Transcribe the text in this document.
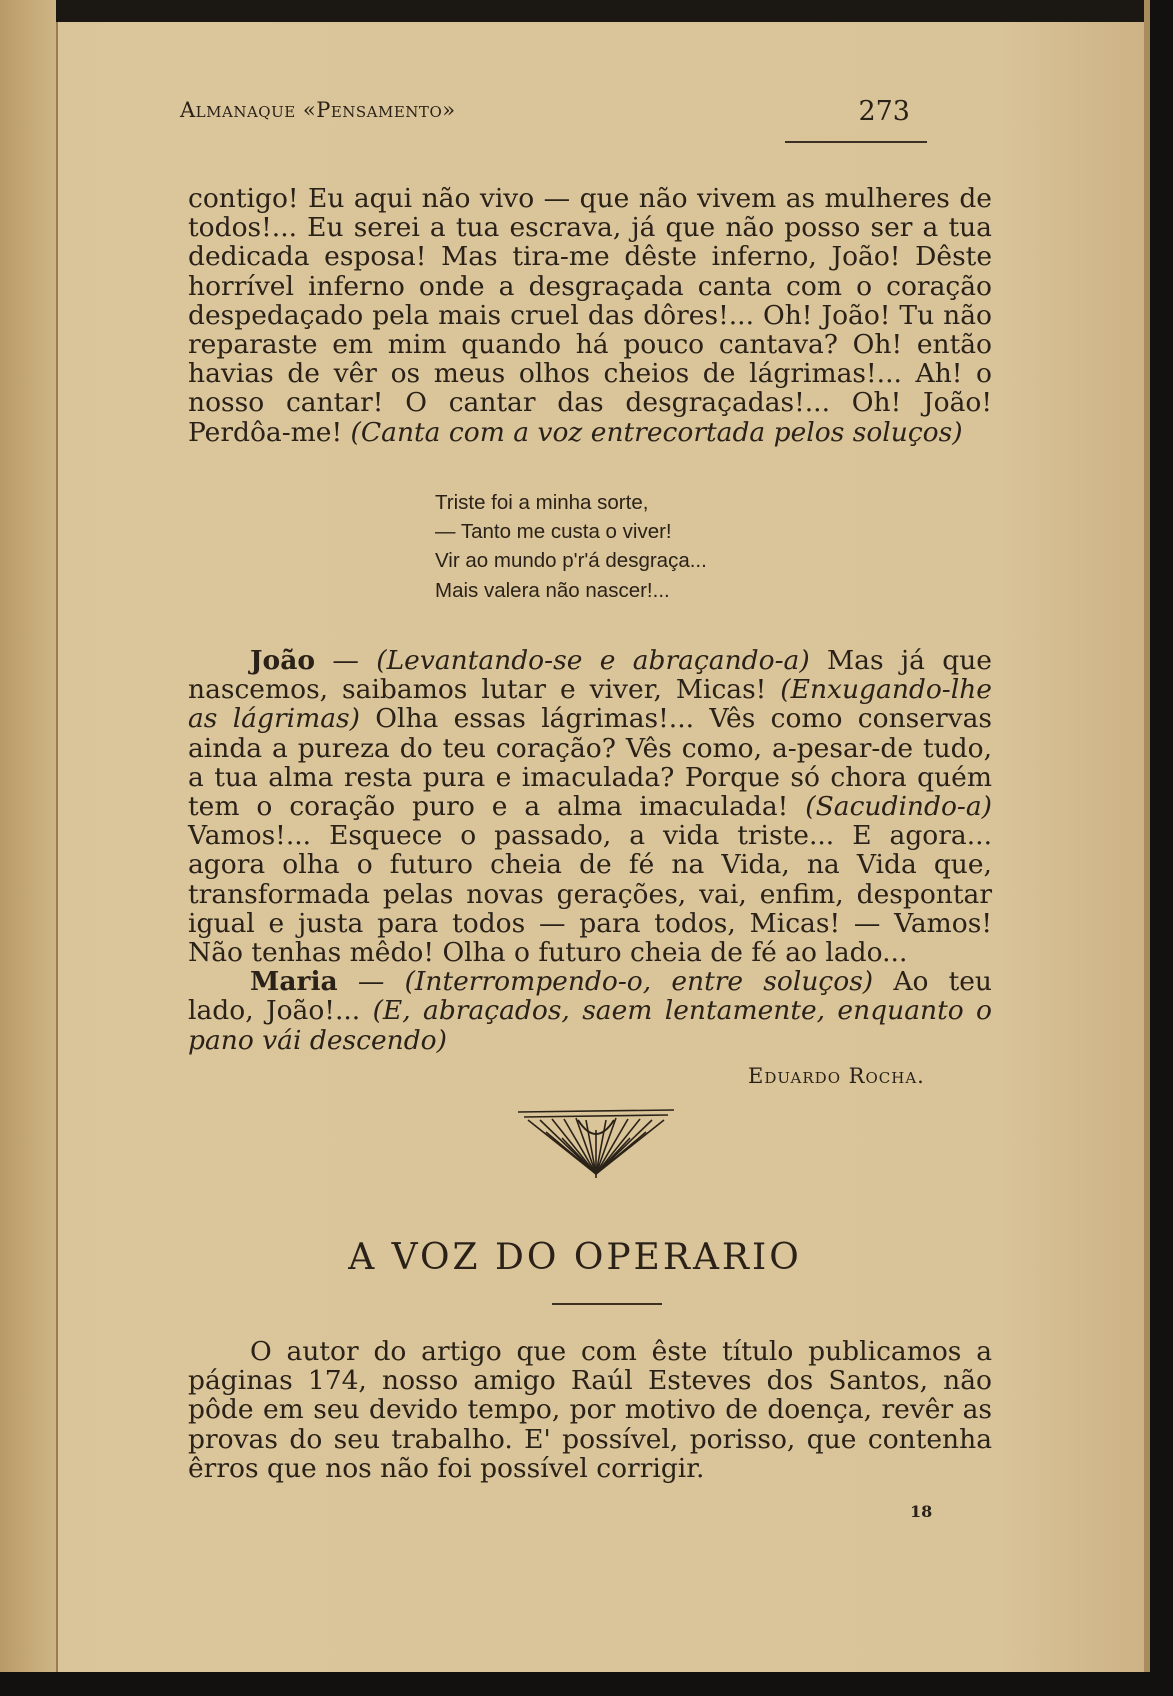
Almanaque «Pensamento»	273

contigo! Eu aqui não vivo — que não vivem as mulheres de todos!... Eu serei a tua escrava, já que não posso ser a tua dedicada esposa! Mas tira-me dêste inferno, João! Dêste horrível inferno onde a desgraçada canta com o coração despedaçado pela mais cruel das dôres!... Oh! João! Tu não reparaste em mim quando há pouco cantava? Oh! então havias de vêr os meus olhos cheios de lágrimas!... Ah! o nosso cantar! O cantar das desgraçadas!... Oh! João! Perdôa-me! (Canta com a voz entrecortada pelos soluços)

Triste foi a minha sorte,
— Tanto me custa o viver!
Vir ao mundo p'r'á desgraça...
Mais valera não nascer!...

João — (Levantando-se e abraçando-a) Mas já que nascemos, saibamos lutar e viver, Micas! (Enxugando-lhe as lágrimas) Olha essas lágrimas!... Vês como conservas ainda a pureza do teu coração? Vês como, a-pesar-de tudo, a tua alma resta pura e imaculada? Porque só chora quém tem o coração puro e a alma imaculada! (Sacudindo-a) Vamos!... Esquece o passado, a vida triste... E agora... agora olha o futuro cheia de fé na Vida, na Vida que, transformada pelas novas gerações, vai, enfim, despontar igual e justa para todos — para todos, Micas! — Vamos! Não tenhas mêdo! Olha o futuro cheia de fé ao lado...

Maria — (Interrompendo-o, entre soluços) Ao teu lado, João!... (E, abraçados, saem lentamente, enquanto o pano vái descendo)

Eduardo Rocha.
A VOZ DO OPERARIO

O autor do artigo que com êste título publicamos a páginas 174, nosso amigo Raúl Esteves dos Santos, não pôde em seu devido tempo, por motivo de doença, revêr as provas do seu trabalho. E' possível, porisso, que contenha êrros que nos não foi possível corrigir.

18
